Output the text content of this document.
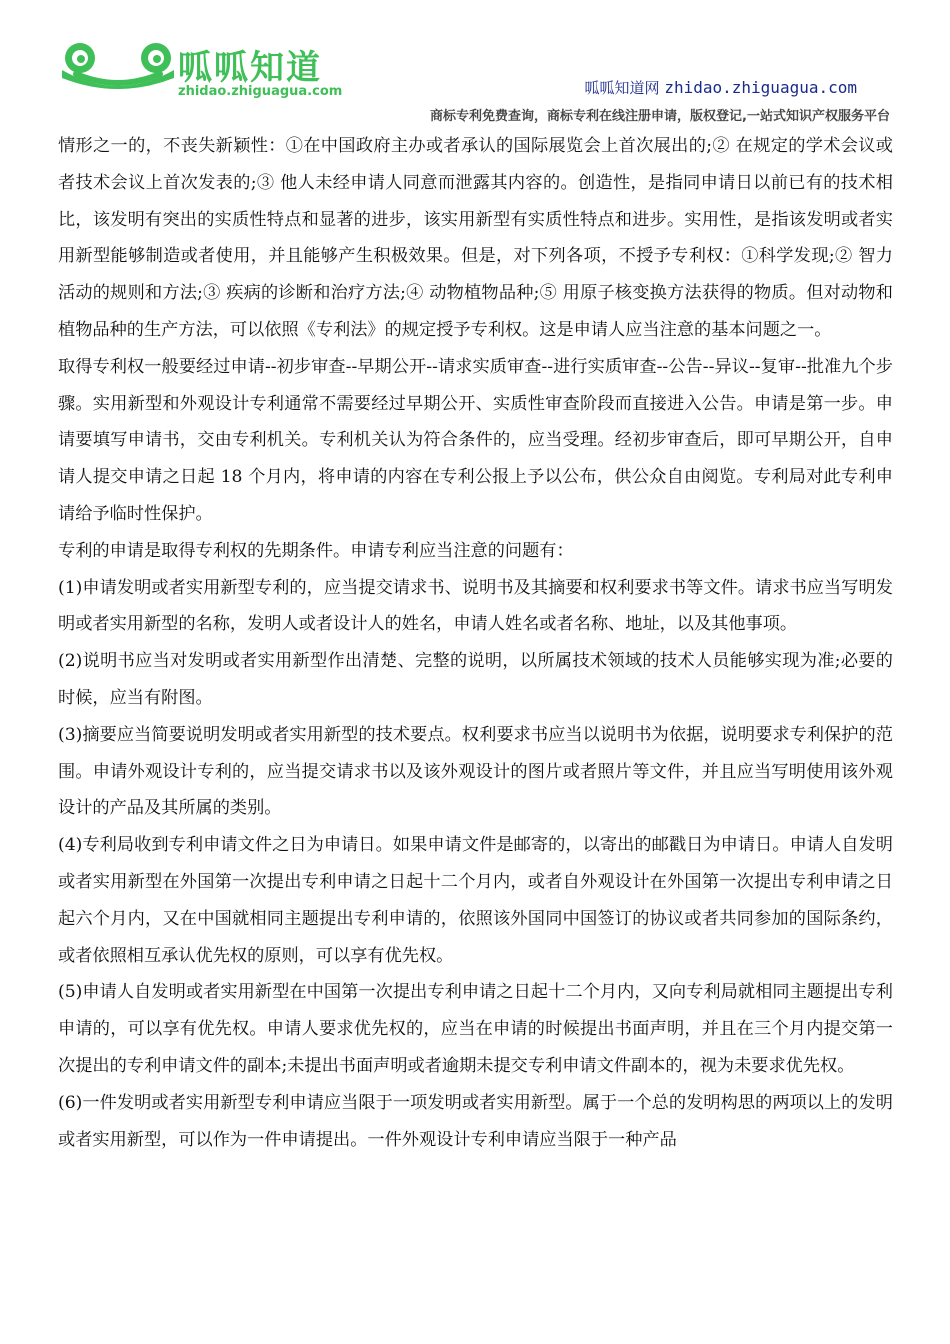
呱呱知道
zhidao.zhiguagua.com	呱呱知道网 zhidao.zhiguagua.com
商标专利免费查询，商标专利在线注册申请，版权登记,一站式知识产权服务平台

情形之一的，不丧失新颖性：①在中国政府主办或者承认的国际展览会上首次展出的;② 在规定的学术会议或者技术会议上首次发表的;③ 他人未经申请人同意而泄露其内容的。创造性，是指同申请日以前已有的技术相比，该发明有突出的实质性特点和显著的进步，该实用新型有实质性特点和进步。实用性，是指该发明或者实用新型能够制造或者使用，并且能够产生积极效果。但是，对下列各项，不授予专利权：①科学发现;② 智力活动的规则和方法;③ 疾病的诊断和治疗方法;④ 动物植物品种;⑤ 用原子核变换方法获得的物质。但对动物和植物品种的生产方法，可以依照《专利法》的规定授予专利权。这是申请人应当注意的基本问题之一。

取得专利权一般要经过申请--初步审查--早期公开--请求实质审查--进行实质审查--公告--异议--复审--批准九个步骤。实用新型和外观设计专利通常不需要经过早期公开、实质性审查阶段而直接进入公告。申请是第一步。申请要填写申请书，交由专利机关。专利机关认为符合条件的，应当受理。经初步审查后，即可早期公开，自申请人提交申请之日起 18 个月内，将申请的内容在专利公报上予以公布，供公众自由阅览。专利局对此专利申请给予临时性保护。

专利的申请是取得专利权的先期条件。申请专利应当注意的问题有：

(1)申请发明或者实用新型专利的，应当提交请求书、说明书及其摘要和权利要求书等文件。请求书应当写明发明或者实用新型的名称，发明人或者设计人的姓名，申请人姓名或者名称、地址，以及其他事项。

(2)说明书应当对发明或者实用新型作出清楚、完整的说明，以所属技术领域的技术人员能够实现为准;必要的时候，应当有附图。

(3)摘要应当简要说明发明或者实用新型的技术要点。权利要求书应当以说明书为依据，说明要求专利保护的范围。申请外观设计专利的，应当提交请求书以及该外观设计的图片或者照片等文件，并且应当写明使用该外观设计的产品及其所属的类别。

(4)专利局收到专利申请文件之日为申请日。如果申请文件是邮寄的，以寄出的邮戳日为申请日。申请人自发明或者实用新型在外国第一次提出专利申请之日起十二个月内，或者自外观设计在外国第一次提出专利申请之日起六个月内，又在中国就相同主题提出专利申请的，依照该外国同中国签订的协议或者共同参加的国际条约，或者依照相互承认优先权的原则，可以享有优先权。

(5)申请人自发明或者实用新型在中国第一次提出专利申请之日起十二个月内，又向专利局就相同主题提出专利申请的，可以享有优先权。申请人要求优先权的，应当在申请的时候提出书面声明，并且在三个月内提交第一次提出的专利申请文件的副本;未提出书面声明或者逾期未提交专利申请文件副本的，视为未要求优先权。

(6)一件发明或者实用新型专利申请应当限于一项发明或者实用新型。属于一个总的发明构思的两项以上的发明或者实用新型，可以作为一件申请提出。一件外观设计专利申请应当限于一种产品
